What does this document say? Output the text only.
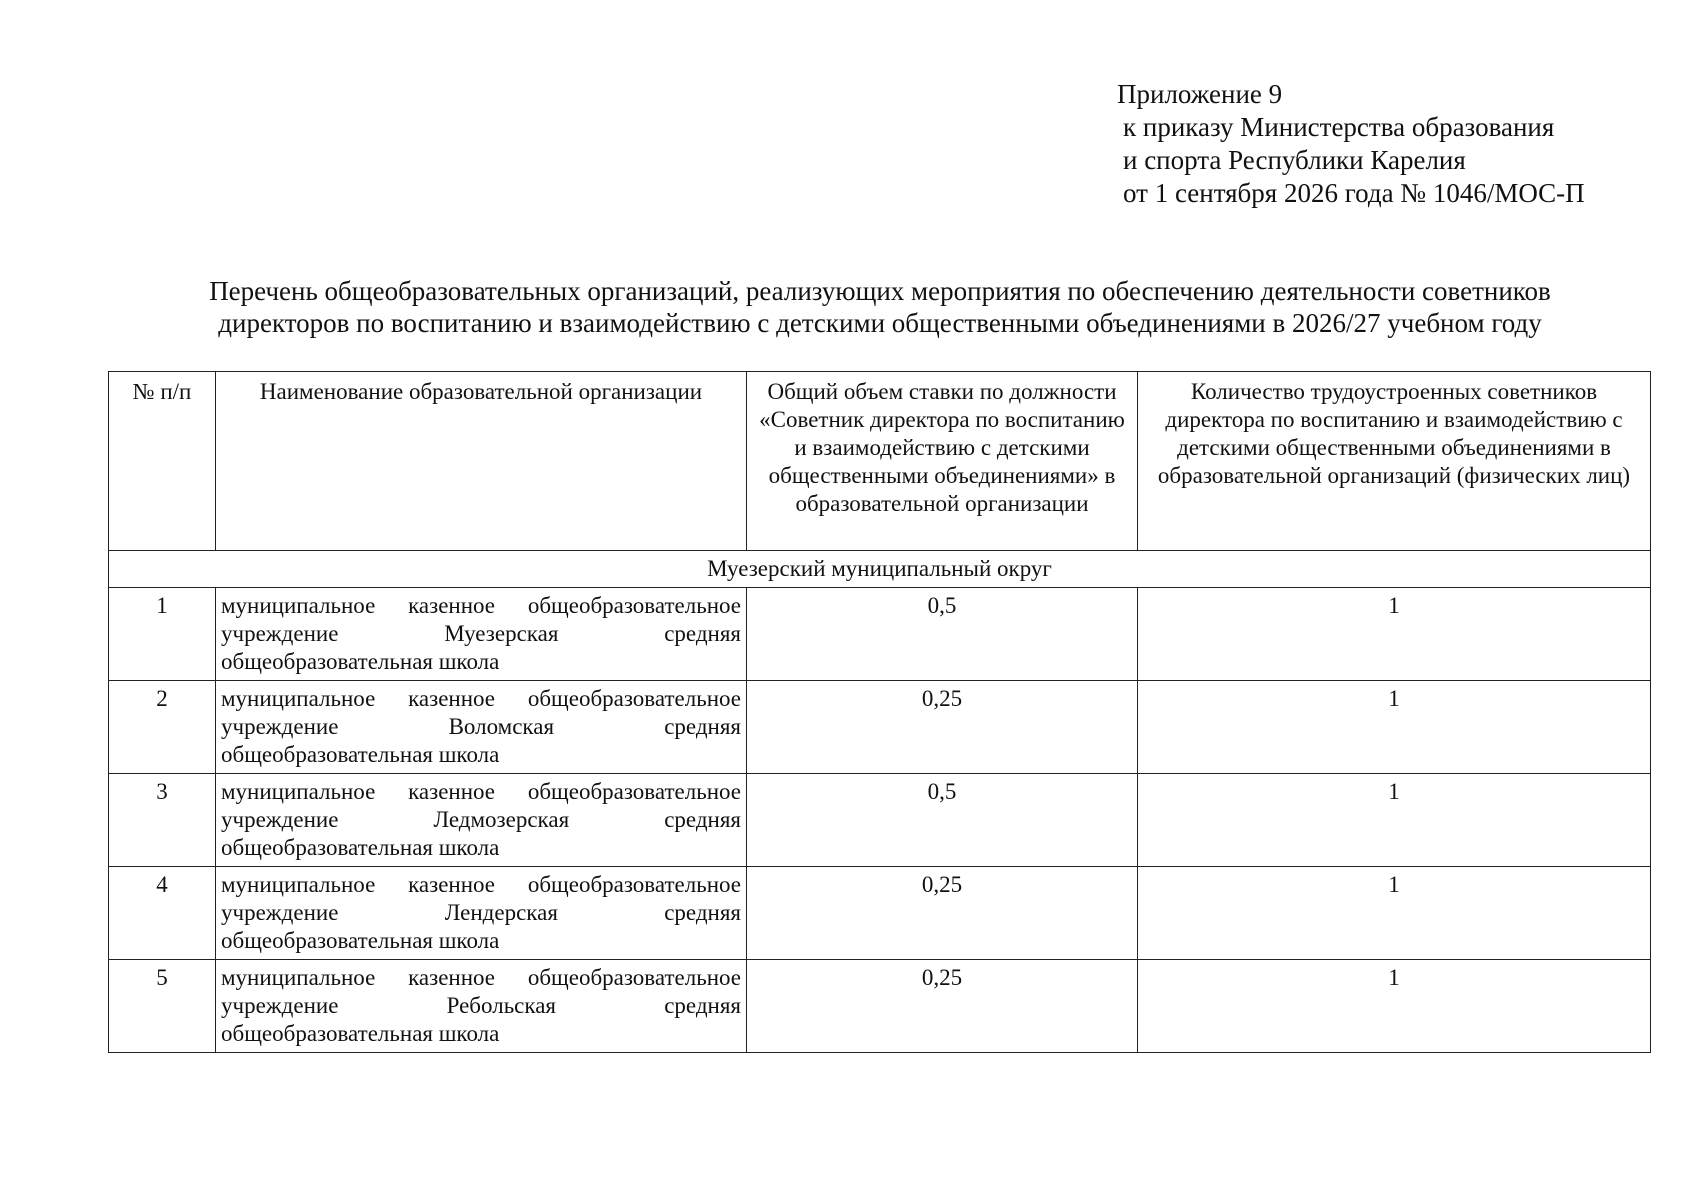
Приложение 9
к приказу Министерства образования
и спорта Республики Карелия
от 1 сентября 2026 года № 1046/МОС-П
Перечень общеобразовательных организаций, реализующих мероприятия по обеспечению деятельности советников
директоров по воспитанию и взаимодействию с детскими общественными объединениями в 2026/27 учебном году
№ п/п	Наименование образовательной организации	Общий объем ставки по должности «Советник директора по воспитанию и взаимодействию с детскими общественными объединениями» в образовательной организации	Количество трудоустроенных советников директора по воспитанию и взаимодействию с детскими общественными объединениями в образовательной организаций (физических лиц)
Муезерский муниципальный округ			
1	муниципальное казенное общеобразовательное учреждение Муезерская средняя общеобразовательная школа	0,5	1
2	муниципальное казенное общеобразовательное учреждение Воломская средняя общеобразовательная школа	0,25	1
3	муниципальное казенное общеобразовательное учреждение Ледмозерская средняя общеобразовательная школа	0,5	1
4	муниципальное казенное общеобразовательное учреждение Лендерская средняя общеобразовательная школа	0,25	1
5	муниципальное казенное общеобразовательное учреждение Ребольская средняя общеобразовательная школа	0,25	1
